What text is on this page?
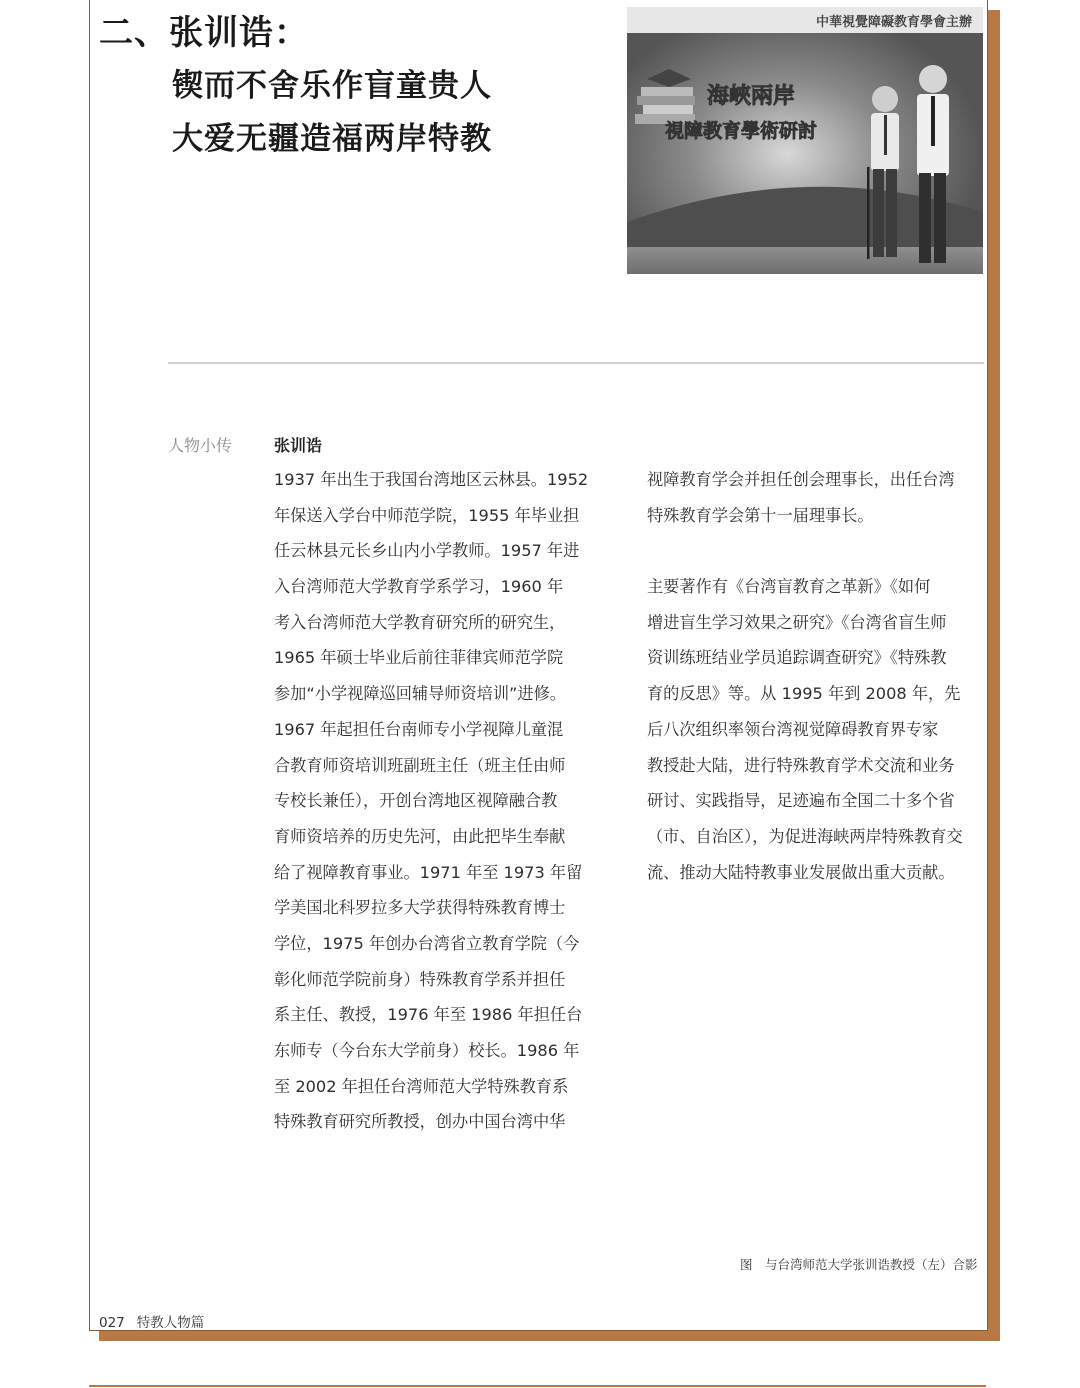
二、张训诰：
锲而不舍乐作盲童贵人
大爱无疆造福两岸特教
中華視覺障礙教育學會主辦
海峽兩岸
視障教育學術研討
人物小传	张训诰
1937 年出生于我国台湾地区云林县。1952
年保送入学台中师范学院，1955 年毕业担
任云林县元长乡山内小学教师。1957 年进
入台湾师范大学教育学系学习，1960 年
考入台湾师范大学教育研究所的研究生，
1965 年硕士毕业后前往菲律宾师范学院
参加“小学视障巡回辅导师资培训”进修。
1967 年起担任台南师专小学视障儿童混
合教育师资培训班副班主任（班主任由师
专校长兼任），开创台湾地区视障融合教
育师资培养的历史先河，由此把毕生奉献
给了视障教育事业。1971 年至 1973 年留
学美国北科罗拉多大学获得特殊教育博士
学位，1975 年创办台湾省立教育学院（今
彰化师范学院前身）特殊教育学系并担任
系主任、教授，1976 年至 1986 年担任台
东师专（今台东大学前身）校长。1986 年
至 2002 年担任台湾师范大学特殊教育系
特殊教育研究所教授，创办中国台湾中华
视障教育学会并担任创会理事长，出任台湾
特殊教育学会第十一届理事长。
主要著作有《台湾盲教育之革新》《如何
增进盲生学习效果之研究》《台湾省盲生师
资训练班结业学员追踪调查研究》《特殊教
育的反思》等。从 1995 年到 2008 年，先
后八次组织率领台湾视觉障碍教育界专家
教授赴大陆，进行特殊教育学术交流和业务
研讨、实践指导，足迹遍布全国二十多个省
（市、自治区），为促进海峡两岸特殊教育交
流、推动大陆特教事业发展做出重大贡献。
图　与台湾师范大学张训诰教授（左）合影
027 特教人物篇
